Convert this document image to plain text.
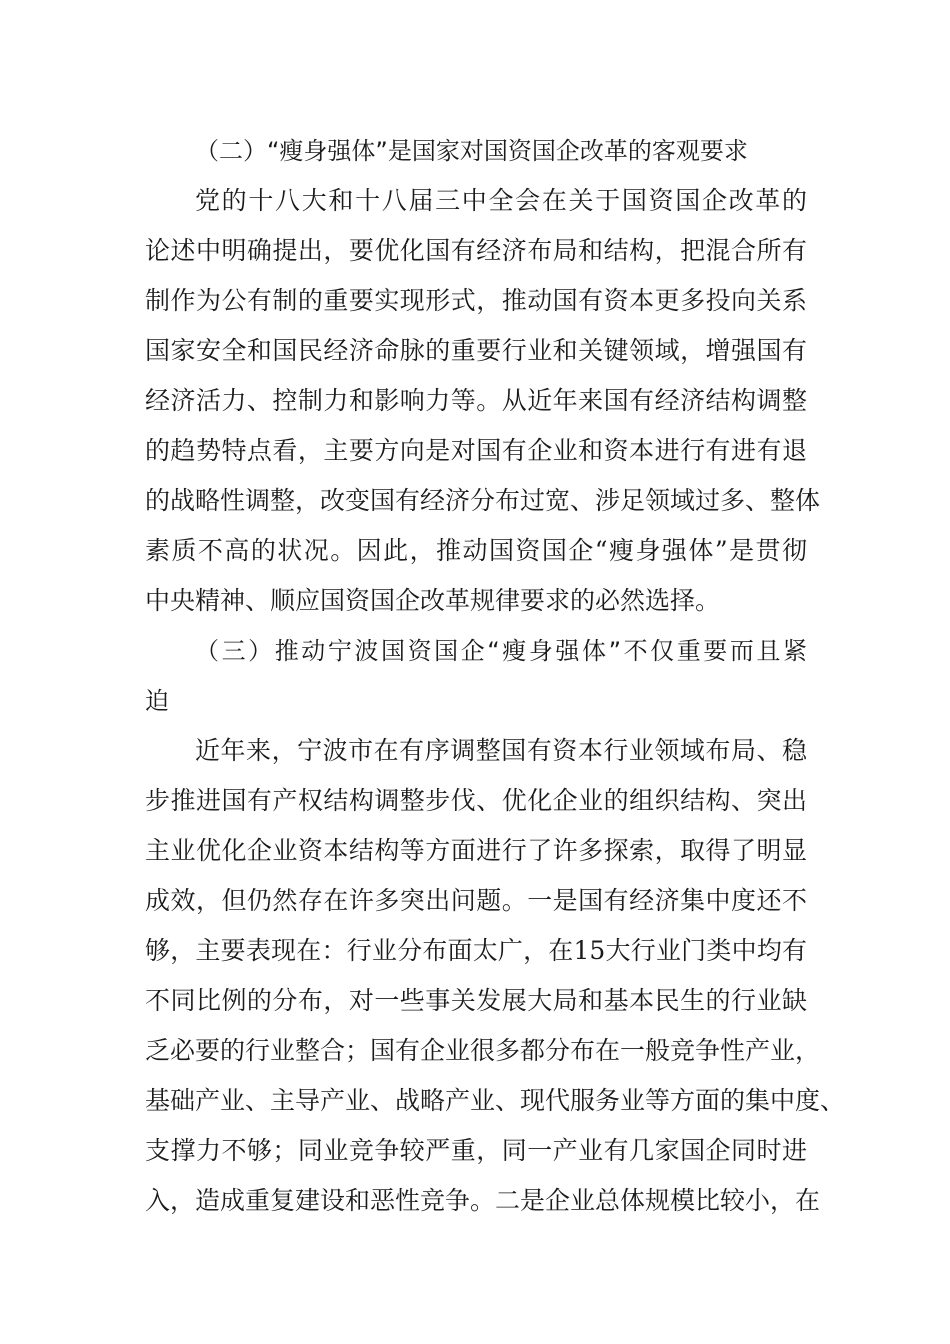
（二）“瘦身强体”是国家对国资国企改革的客观要求
党的十八大和十八届三中全会在关于国资国企改革的
论述中明确提出，要优化国有经济布局和结构，把混合所有
制作为公有制的重要实现形式，推动国有资本更多投向关系
国家安全和国民经济命脉的重要行业和关键领域，增强国有
经济活力、控制力和影响力等。从近年来国有经济结构调整
的趋势特点看，主要方向是对国有企业和资本进行有进有退
的战略性调整，改变国有经济分布过宽、涉足领域过多、整体
素质不高的状况。因此，推动国资国企“瘦身强体”是贯彻
中央精神、顺应国资国企改革规律要求的必然选择。
（三）推动宁波国资国企“瘦身强体”不仅重要而且紧
迫
近年来，宁波市在有序调整国有资本行业领域布局、稳
步推进国有产权结构调整步伐、优化企业的组织结构、突出
主业优化企业资本结构等方面进行了许多探索，取得了明显
成效，但仍然存在许多突出问题。一是国有经济集中度还不
够，主要表现在：行业分布面太广，在15大行业门类中均有
不同比例的分布，对一些事关发展大局和基本民生的行业缺
乏必要的行业整合；国有企业很多都分布在一般竞争性产业，
基础产业、主导产业、战略产业、现代服务业等方面的集中度、
支撑力不够；同业竞争较严重，同一产业有几家国企同时进
入，造成重复建设和恶性竞争。二是企业总体规模比较小，在
